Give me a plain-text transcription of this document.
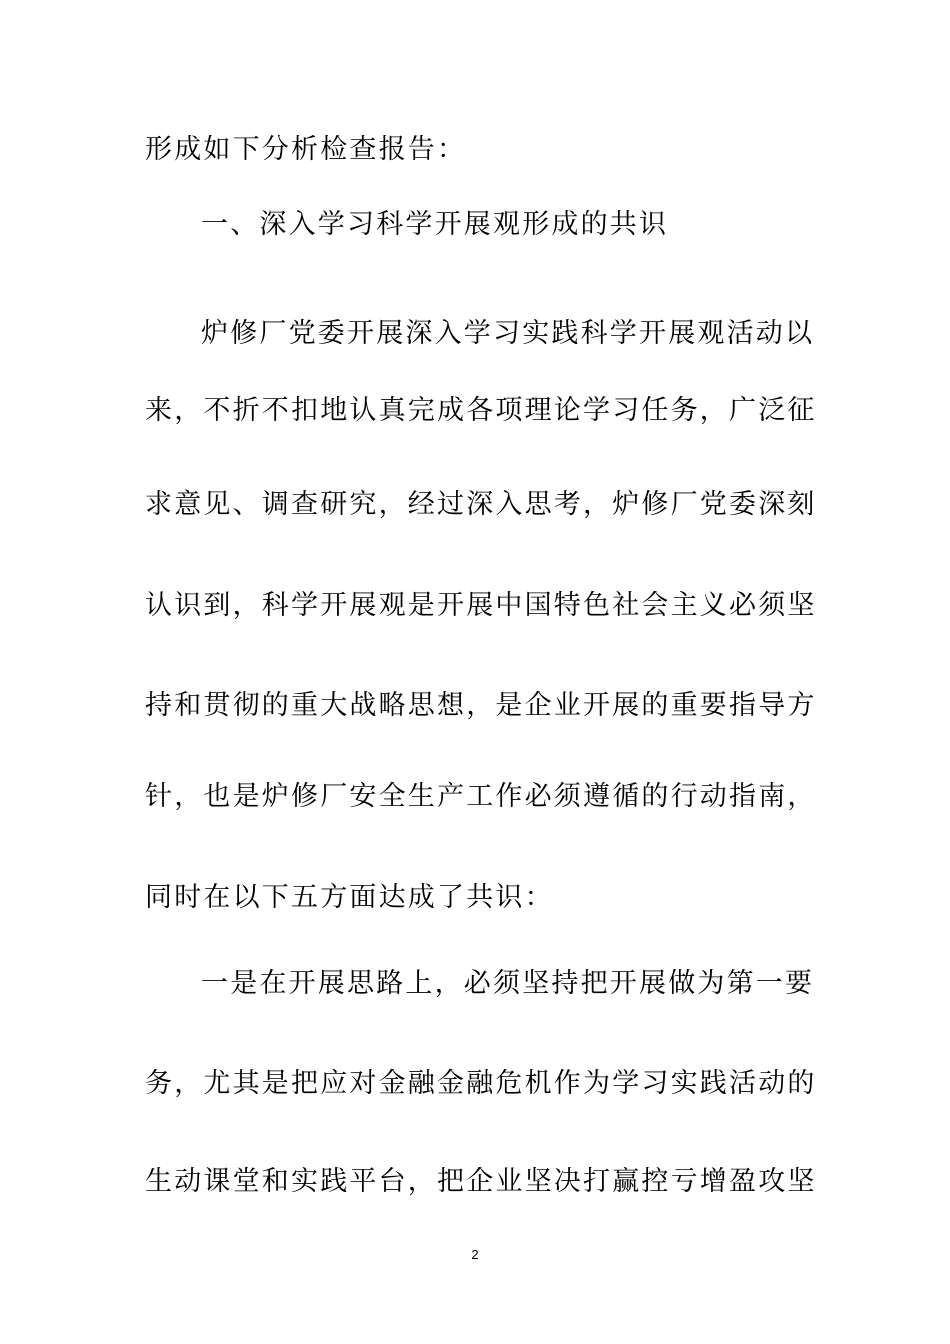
形成如下分析检查报告：
一、深入学习科学开展观形成的共识
炉修厂党委开展深入学习实践科学开展观活动以
来，不折不扣地认真完成各项理论学习任务，广泛征
求意见、调查研究，经过深入思考，炉修厂党委深刻
认识到，科学开展观是开展中国特色社会主义必须坚
持和贯彻的重大战略思想，是企业开展的重要指导方
针，也是炉修厂安全生产工作必须遵循的行动指南，
同时在以下五方面达成了共识：
一是在开展思路上，必须坚持把开展做为第一要
务，尤其是把应对金融金融危机作为学习实践活动的
生动课堂和实践平台，把企业坚决打赢控亏增盈攻坚
2
